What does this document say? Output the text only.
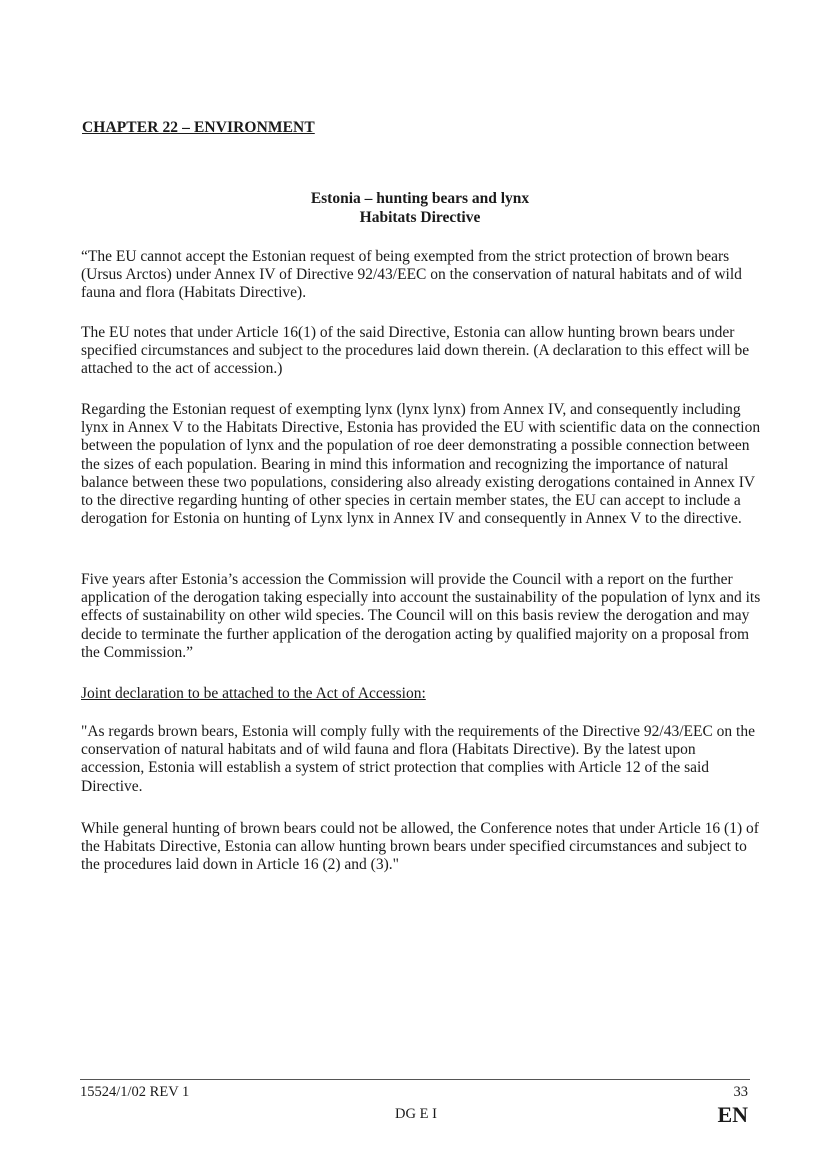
CHAPTER 22 – ENVIRONMENT
Estonia – hunting bears and lynx
Habitats Directive

“The EU cannot accept the Estonian request of being exempted from the strict protection of brown bears (Ursus Arctos) under Annex IV of Directive 92/43/EEC on the conservation of natural habitats and of wild fauna and flora (Habitats Directive).

The EU notes that under Article 16(1) of the said Directive, Estonia can allow hunting brown bears under specified circumstances and subject to the procedures laid down therein. (A declaration to this effect will be attached to the act of accession.)

Regarding the Estonian request of exempting lynx (lynx lynx) from Annex IV, and consequently including lynx in Annex V to the Habitats Directive, Estonia has provided the EU with scientific data on the connection between the population of lynx and the population of roe deer demonstrating a possible connection between the sizes of each population. Bearing in mind this information and recognizing the importance of natural balance between these two populations, considering also already existing derogations contained in Annex IV to the directive regarding hunting of other species in certain member states, the EU can accept to include a derogation for Estonia on hunting of Lynx lynx in Annex IV and consequently in Annex V to the directive.

Five years after Estonia’s accession the Commission will provide the Council with a report on the further application of the derogation taking especially into account the sustainability of the population of lynx and its effects of sustainability on other wild species. The Council will on this basis review the derogation and may decide to terminate the further application of the derogation acting by qualified majority on a proposal from the Commission.”

Joint declaration to be attached to the Act of Accession:

"As regards brown bears, Estonia will comply fully with the requirements of the Directive 92/43/EEC on the conservation of natural habitats and of wild fauna and flora (Habitats Directive). By the latest upon accession, Estonia will establish a system of strict protection that complies with Article 12 of the said Directive.

While general hunting of brown bears could not be allowed, the Conference notes that under Article 16 (1) of the Habitats Directive, Estonia can allow hunting brown bears under specified circumstances and subject to the procedures laid down in Article 16 (2) and (3)."

15524/1/02 REV 1	33
DG E I	EN
